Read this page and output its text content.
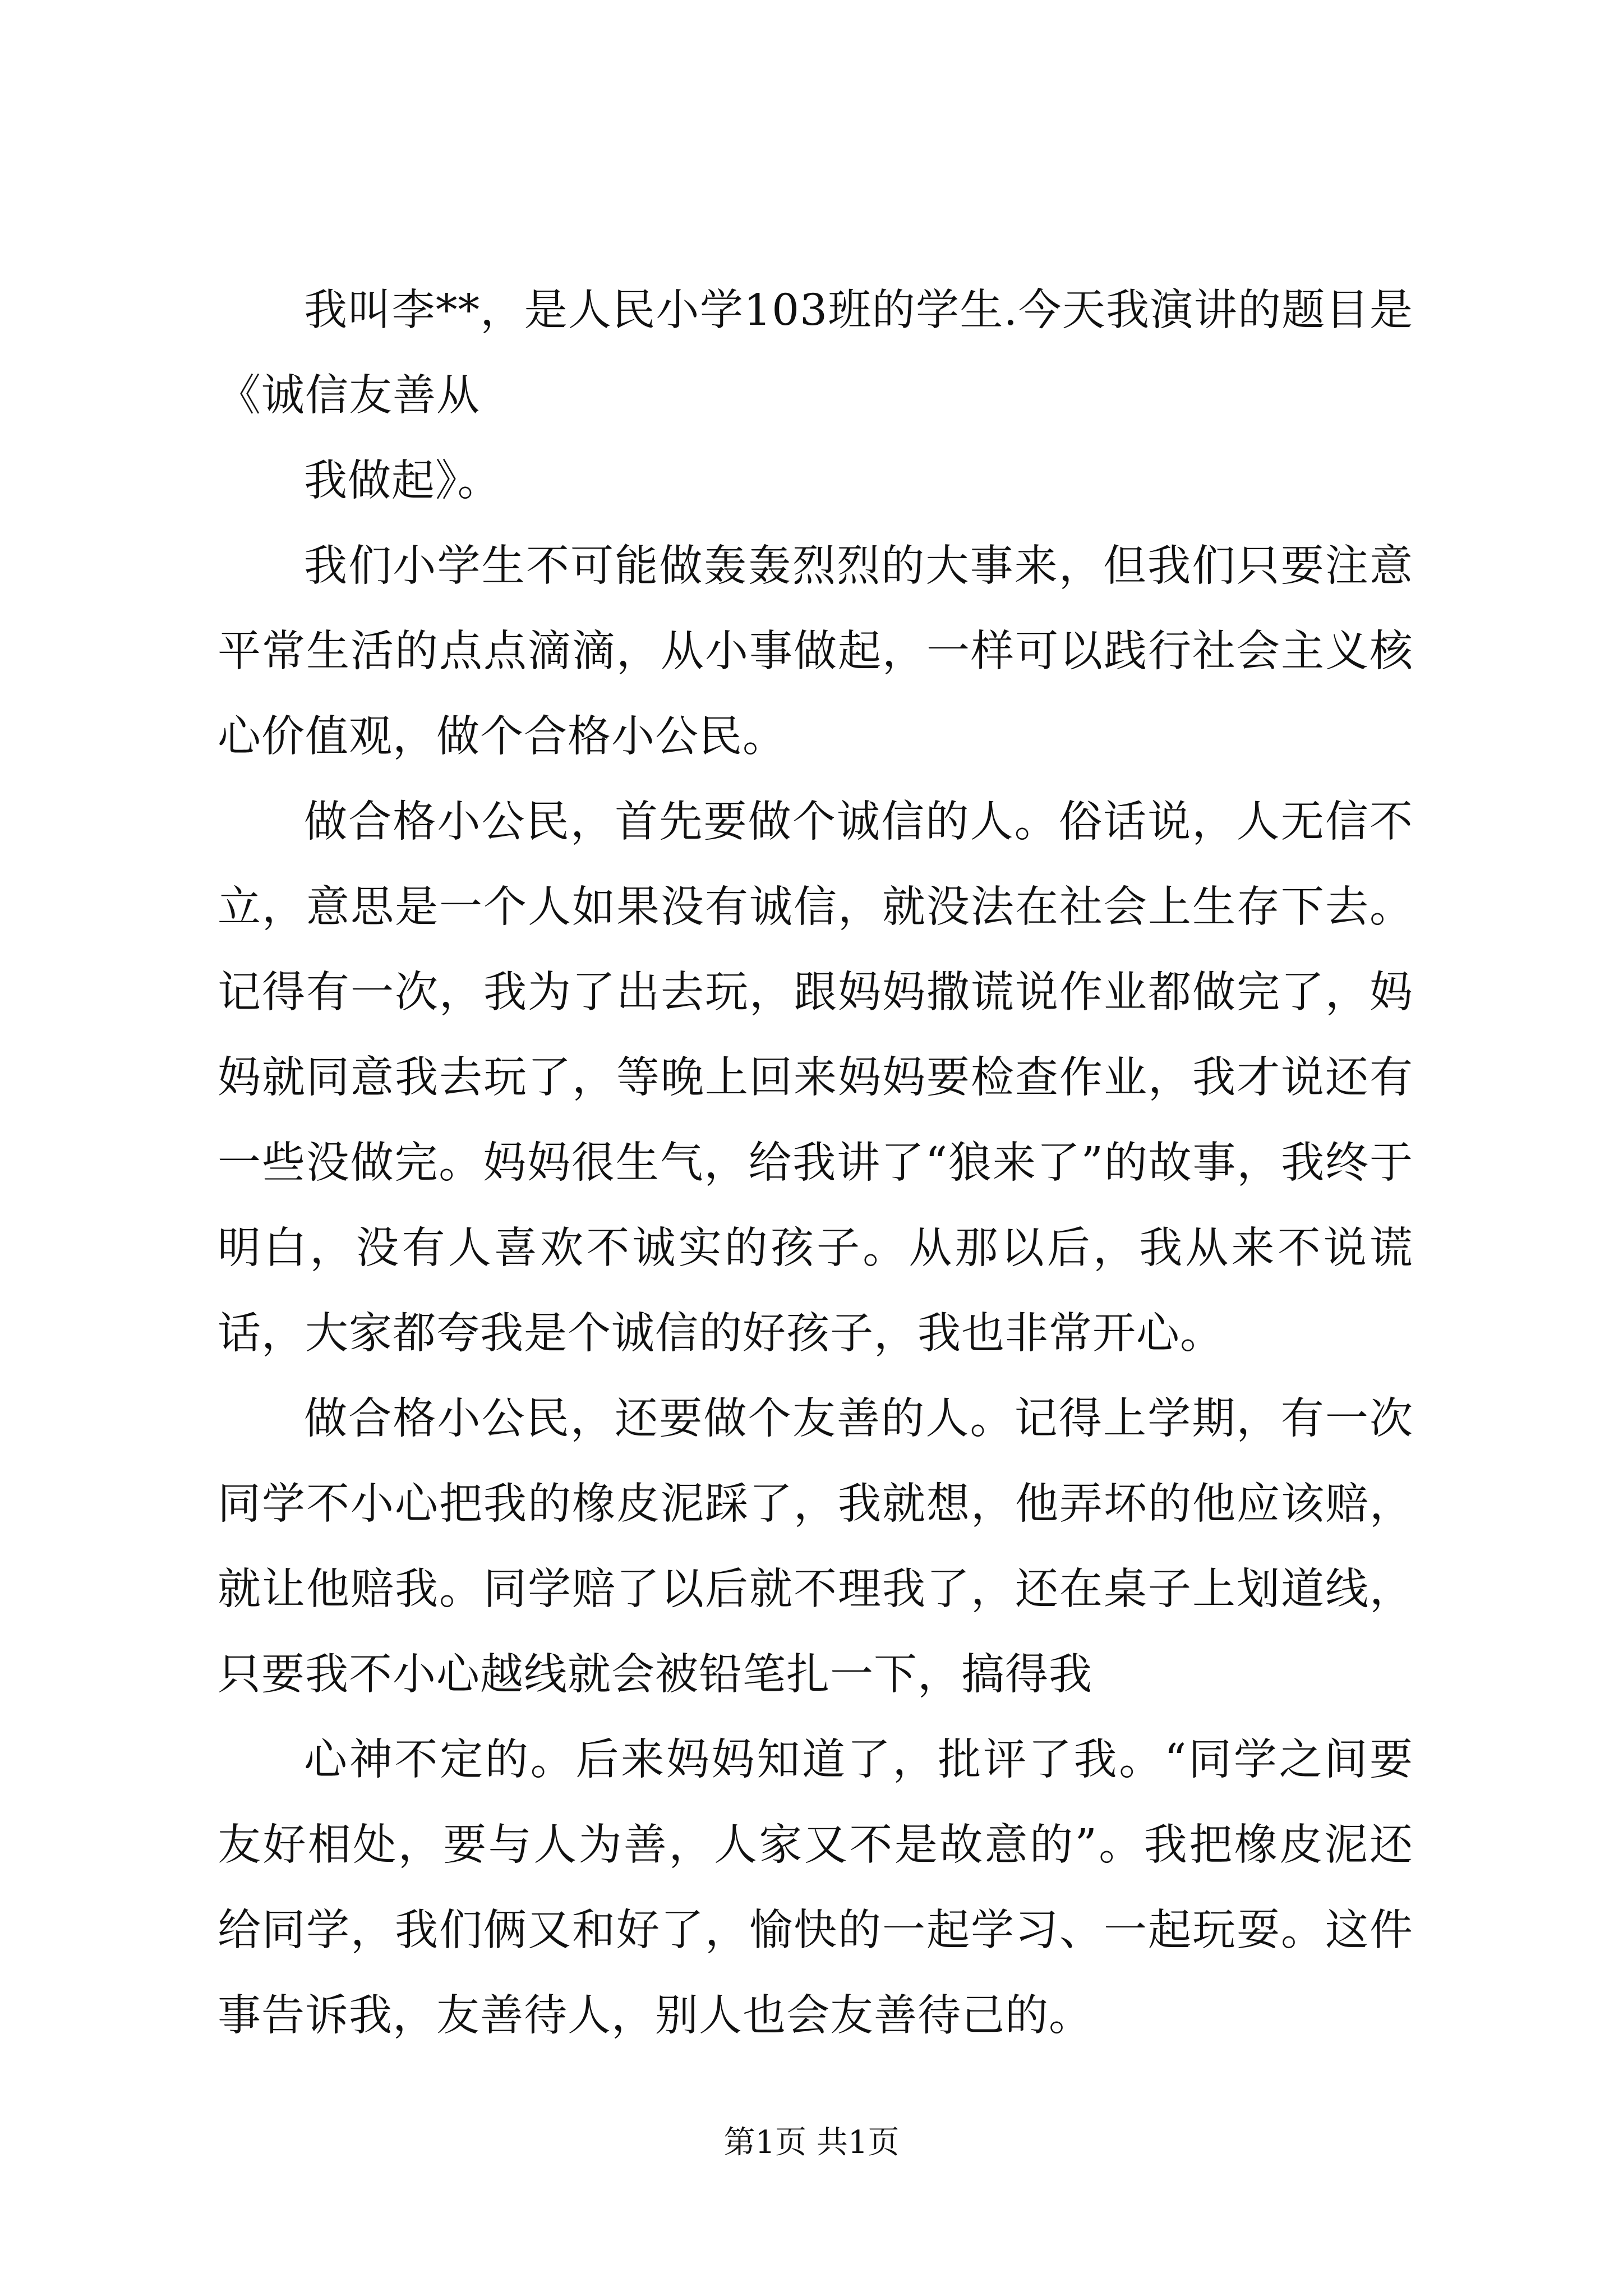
我叫李**，是人民小学103班的学生.今天我演讲的题目是《诚信友善从

我做起》。

我们小学生不可能做轰轰烈烈的大事来，但我们只要注意平常生活的点点滴滴，从小事做起，一样可以践行社会主义核心价值观，做个合格小公民。

做合格小公民，首先要做个诚信的人。俗话说，人无信不立，意思是一个人如果没有诚信，就没法在社会上生存下去。记得有一次，我为了出去玩，跟妈妈撒谎说作业都做完了，妈妈就同意我去玩了，等晚上回来妈妈要检查作业，我才说还有一些没做完。妈妈很生气，给我讲了“狼来了”的故事，我终于明白，没有人喜欢不诚实的孩子。从那以后，我从来不说谎话，大家都夸我是个诚信的好孩子，我也非常开心。

做合格小公民，还要做个友善的人。记得上学期，有一次同学不小心把我的橡皮泥踩了，我就想，他弄坏的他应该赔，就让他赔我。同学赔了以后就不理我了，还在桌子上划道线，只要我不小心越线就会被铅笔扎一下，搞得我

心神不定的。后来妈妈知道了，批评了我。“同学之间要友好相处，要与人为善，人家又不是故意的”。我把橡皮泥还给同学，我们俩又和好了，愉快的一起学习、一起玩耍。这件事告诉我，友善待人，别人也会友善待己的。

第1页 共1页
